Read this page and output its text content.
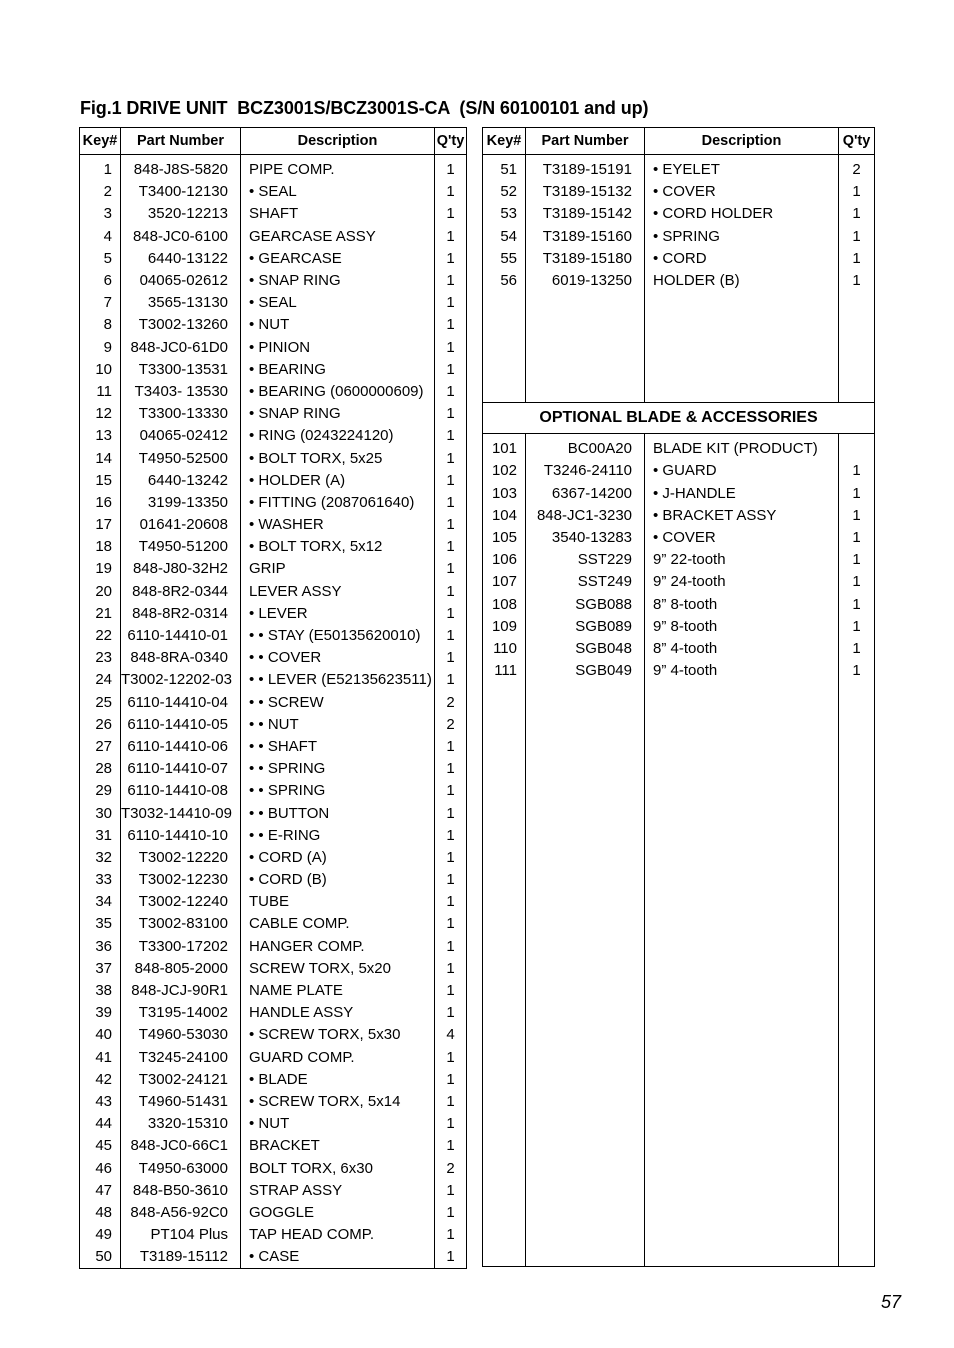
Fig.1 DRIVE UNIT  BCZ3001S/BCZ3001S-CA  (S/N 60100101 and up)
Key#	Part Number	Description	Q'ty
1	848-J8S-5820	PIPE COMP.	1
2	T3400-12130	• SEAL	1
3	3520-12213	SHAFT	1
4	848-JC0-6100	GEARCASE ASSY	1
5	6440-13122	• GEARCASE	1
6	04065-02612	• SNAP RING	1
7	3565-13130	• SEAL	1
8	T3002-13260	• NUT	1
9	848-JC0-61D0	• PINION	1
10	T3300-13531	• BEARING	1
11	T3403- 13530	• BEARING (0600000609)	1
12	T3300-13330	• SNAP RING	1
13	04065-02412	• RING (0243224120)	1
14	T4950-52500	• BOLT TORX, 5x25	1
15	6440-13242	• HOLDER (A)	1
16	3199-13350	• FITTING (2087061640)	1
17	01641-20608	• WASHER	1
18	T4950-51200	• BOLT TORX, 5x12	1
19	848-J80-32H2	GRIP	1
20	848-8R2-0344	LEVER ASSY	1
21	848-8R2-0314	• LEVER	1
22	6110-14410-01	• • STAY (E50135620010)	1
23	848-8RA-0340	• • COVER	1
24	T3002-12202-03	• • LEVER (E52135623511)	1
25	6110-14410-04	• • SCREW	2
26	6110-14410-05	• • NUT	2
27	6110-14410-06	• • SHAFT	1
28	6110-14410-07	• • SPRING	1
29	6110-14410-08	• • SPRING	1
30	T3032-14410-09	• • BUTTON	1
31	6110-14410-10	• • E-RING	1
32	T3002-12220	• CORD (A)	1
33	T3002-12230	• CORD (B)	1
34	T3002-12240	TUBE	1
35	T3002-83100	CABLE COMP.	1
36	T3300-17202	HANGER COMP.	1
37	848-805-2000	SCREW TORX, 5x20	1
38	848-JCJ-90R1	NAME PLATE	1
39	T3195-14002	HANDLE ASSY	1
40	T4960-53030	• SCREW TORX, 5x30	4
41	T3245-24100	GUARD COMP.	1
42	T3002-24121	• BLADE	1
43	T4960-51431	• SCREW TORX, 5x14	1
44	3320-15310	• NUT	1
45	848-JC0-66C1	BRACKET	1
46	T4950-63000	BOLT TORX, 6x30	2
47	848-B50-3610	STRAP ASSY	1
48	848-A56-92C0	GOGGLE	1
49	PT104 Plus	TAP HEAD COMP.	1
50	T3189-15112	• CASE	1
Key#	Part Number	Description	Q'ty
51	T3189-15191	• EYELET	2
52	T3189-15132	• COVER	1
53	T3189-15142	• CORD HOLDER	1
54	T3189-15160	• SPRING	1
55	T3189-15180	• CORD	1
56	6019-13250	HOLDER (B)	1

OPTIONAL BLADE & ACCESSORIES			
101	BC00A20	BLADE KIT (PRODUCT)	
102	T3246-24110	• GUARD	1
103	6367-14200	• J-HANDLE	1
104	848-JC1-3230	• BRACKET ASSY	1
105	3540-13283	• COVER	1
106	SST229	9” 22-tooth	1
107	SST249	9” 24-tooth	1
108	SGB088	8” 8-tooth	1
109	SGB089	9” 8-tooth	1
110	SGB048	8” 4-tooth	1
111	SGB049	9” 4-tooth	1

57
